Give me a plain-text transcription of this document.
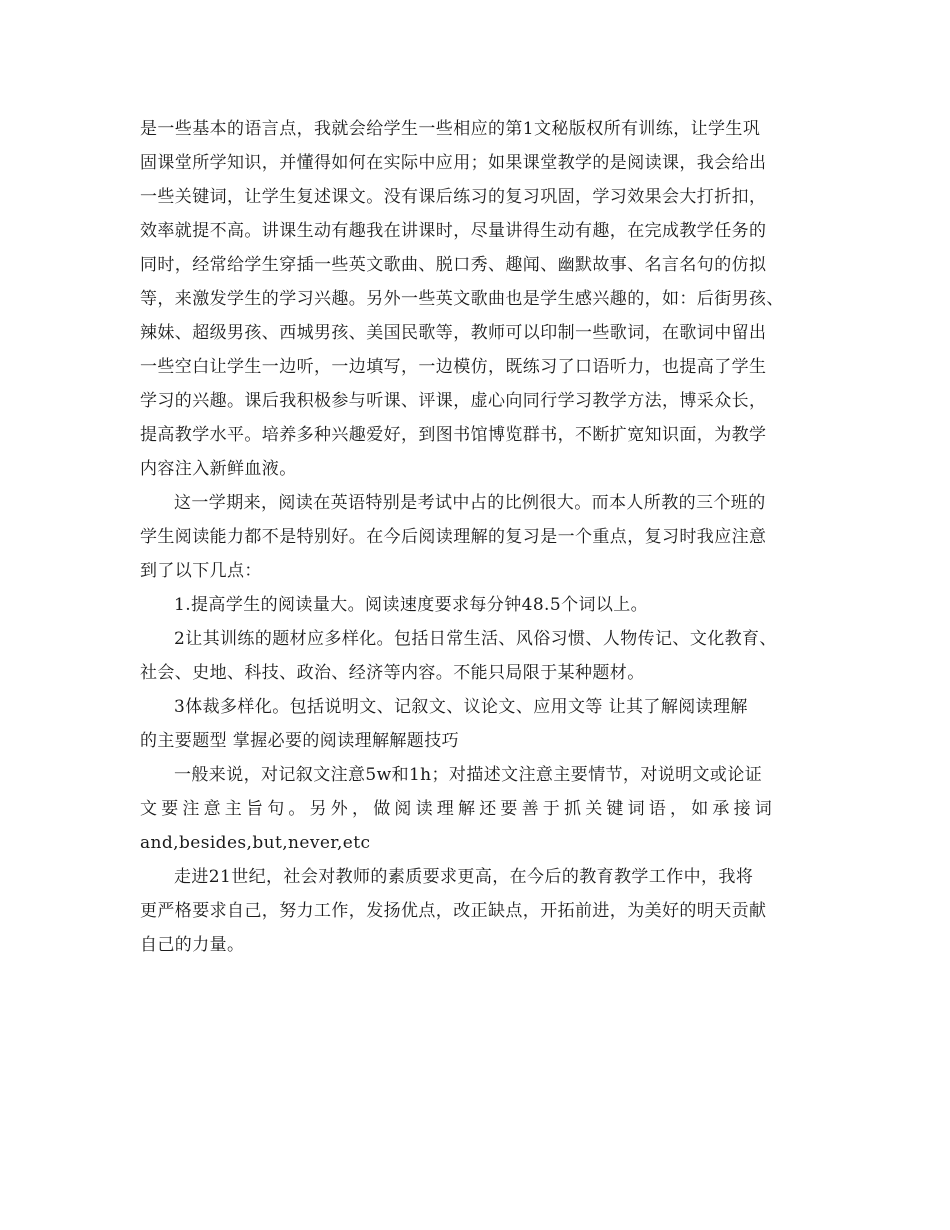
是一些基本的语言点，我就会给学生一些相应的第1文秘版权所有训练，让学生巩
固课堂所学知识，并懂得如何在实际中应用；如果课堂教学的是阅读课，我会给出
一些关键词，让学生复述课文。没有课后练习的复习巩固，学习效果会大打折扣，
效率就提不高。讲课生动有趣我在讲课时，尽量讲得生动有趣，在完成教学任务的
同时，经常给学生穿插一些英文歌曲、脱口秀、趣闻、幽默故事、名言名句的仿拟
等，来激发学生的学习兴趣。另外一些英文歌曲也是学生感兴趣的，如：后街男孩、
辣妹、超级男孩、西城男孩、美国民歌等，教师可以印制一些歌词，在歌词中留出
一些空白让学生一边听，一边填写，一边模仿，既练习了口语听力，也提高了学生
学习的兴趣。课后我积极参与听课、评课，虚心向同行学习教学方法，博采众长，
提高教学水平。培养多种兴趣爱好，到图书馆博览群书，不断扩宽知识面，为教学
内容注入新鲜血液。
这一学期来，阅读在英语特别是考试中占的比例很大。而本人所教的三个班的
学生阅读能力都不是特别好。在今后阅读理解的复习是一个重点，复习时我应注意
到了以下几点：
1.提高学生的阅读量大。阅读速度要求每分钟48.5个词以上。
2让其训练的题材应多样化。包括日常生活、风俗习惯、人物传记、文化教育、
社会、史地、科技、政治、经济等内容。不能只局限于某种题材。
3体裁多样化。包括说明文、记叙文、议论文、应用文等 让其了解阅读理解
的主要题型 掌握必要的阅读理解解题技巧
一般来说，对记叙文注意5w和1h；对描述文注意主要情节，对说明文或论证
文要注意主旨句。另外，做阅读理解还要善于抓关键词语，如承接词
and,besides,but,never,etc
走进21世纪，社会对教师的素质要求更高，在今后的教育教学工作中，我将
更严格要求自己，努力工作，发扬优点，改正缺点，开拓前进，为美好的明天贡献
自己的力量。
